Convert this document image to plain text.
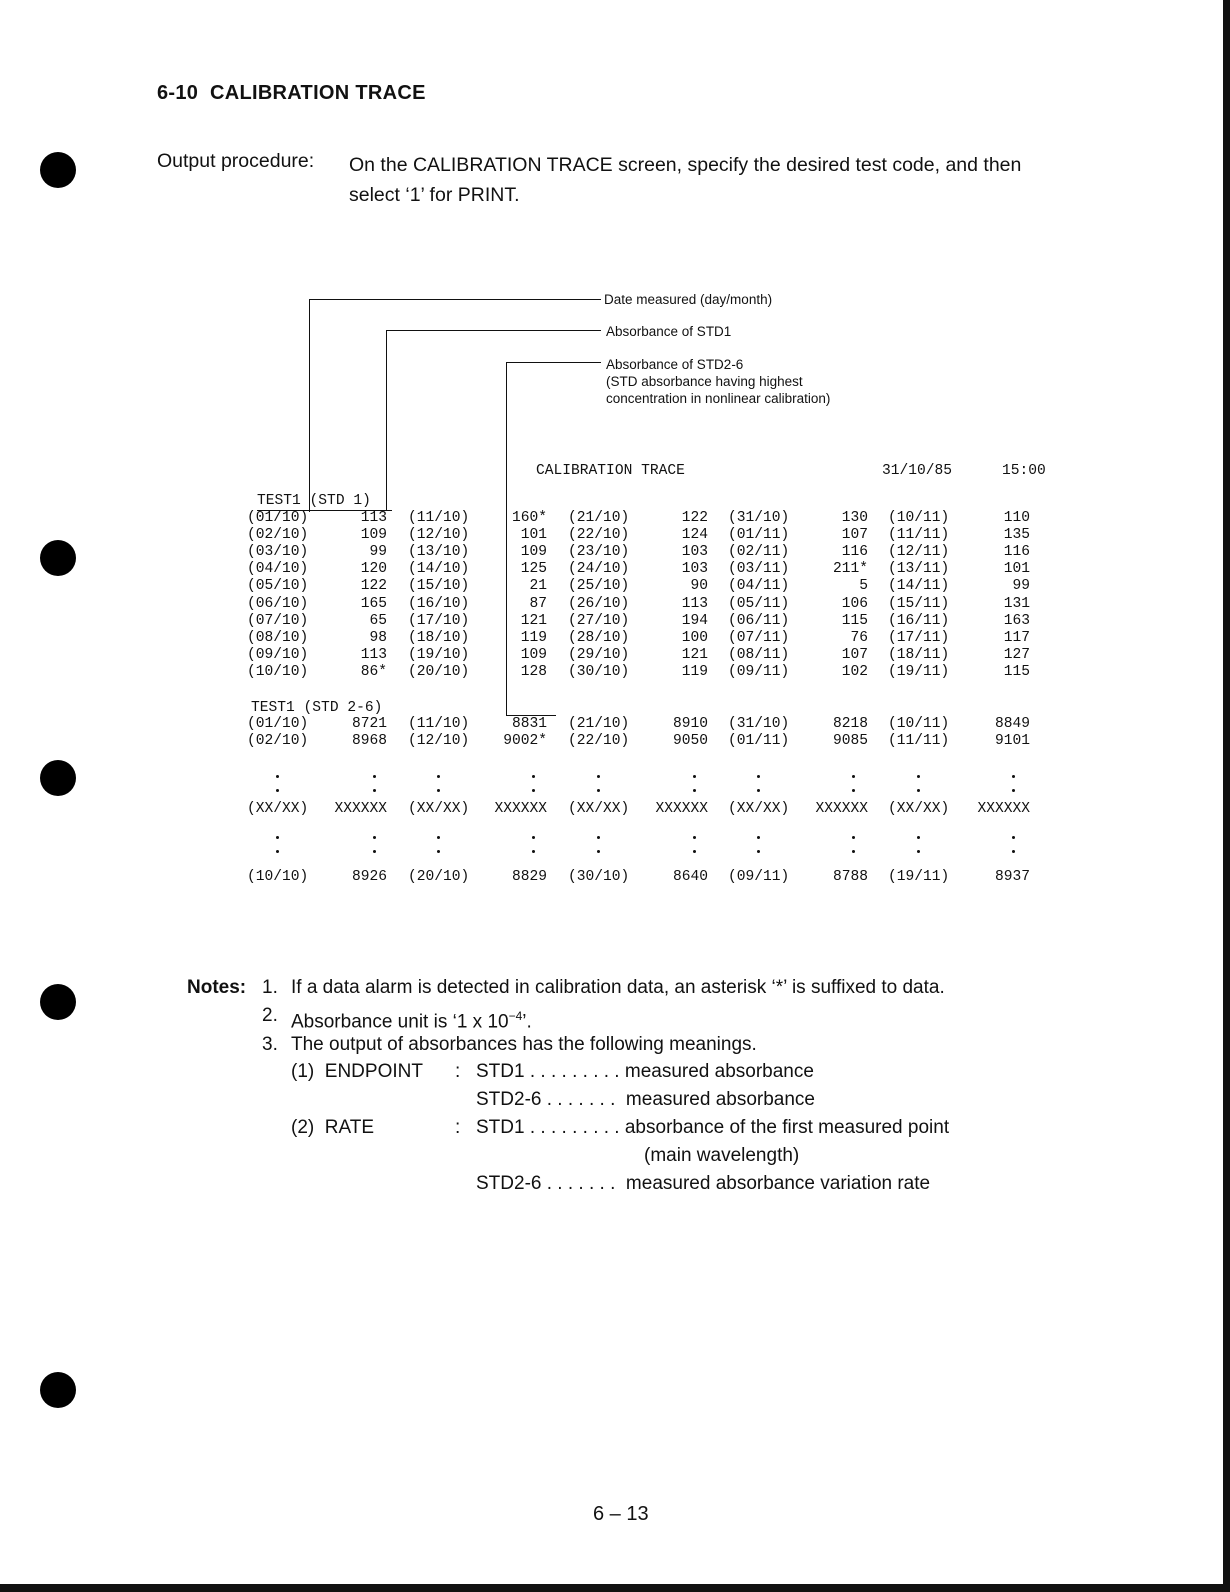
6-10 CALIBRATION TRACE
Output procedure: On the CALIBRATION TRACE screen, specify the desired test code, and then
select ‘1’ for PRINT.
Date measured (day/month)
Absorbance of STD1
Absorbance of STD2-6
(STD absorbance having highest
concentration in nonlinear calibration)
CALIBRATION TRACE	31/10/85	15:00
TEST1 (STD 1)
(01/10)	113 (11/10)	160* (21/10)	122 (31/10)	130 (10/11)	110
(02/10)	109 (12/10)	101 (22/10)	124 (01/11)	107 (11/11)	135
(03/10)	99 (13/10)	109 (23/10)	103 (02/11)	116 (12/11)	116
(04/10)	120 (14/10)	125 (24/10)	103 (03/11)	211* (13/11)	101
(05/10)	122 (15/10)	21 (25/10)	90 (04/11)	5 (14/11)	99
(06/10)	165 (16/10)	87 (26/10)	113 (05/11)	106 (15/11)	131
(07/10)	65 (17/10)	121 (27/10)	194 (06/11)	115 (16/11)	163
(08/10)	98 (18/10)	119 (28/10)	100 (07/11)	76 (17/11)	117
(09/10)	113 (19/10)	109 (29/10)	121 (08/11)	107 (18/11)	127
(10/10)	86* (20/10)	128 (30/10)	119 (09/11)	102 (19/11)	115
TEST1 (STD 2-6)
(01/10)	8721 (11/10)	8831 (21/10)	8910 (31/10)	8218 (10/11)	8849
(02/10)	8968 (12/10)	9002* (22/10)	9050 (01/11)	9085 (11/11)	9101
(XX/XX)	XXXXXX (XX/XX)	XXXXXX (XX/XX)	XXXXXX (XX/XX)	XXXXXX (XX/XX)	XXXXXX
(10/10)	8926 (20/10)	8829 (30/10)	8640 (09/11)	8788 (19/11)	8937
Notes: 1. If a data alarm is detected in calibration data, an asterisk ‘*’ is suffixed to data.
2. Absorbance unit is ‘1 x $10^{-4}$’.
3. The output of absorbances has the following meanings.
(1)  ENDPOINT : STD1 . . . . . . . . . measured absorbance
STD2-6 . . . . . . .  measured absorbance
(2)  RATE	: STD1 . . . . . . . . . absorbance of the first measured point
(main wavelength)
STD2-6 . . . . . . .  measured absorbance variation rate
6 – 13
